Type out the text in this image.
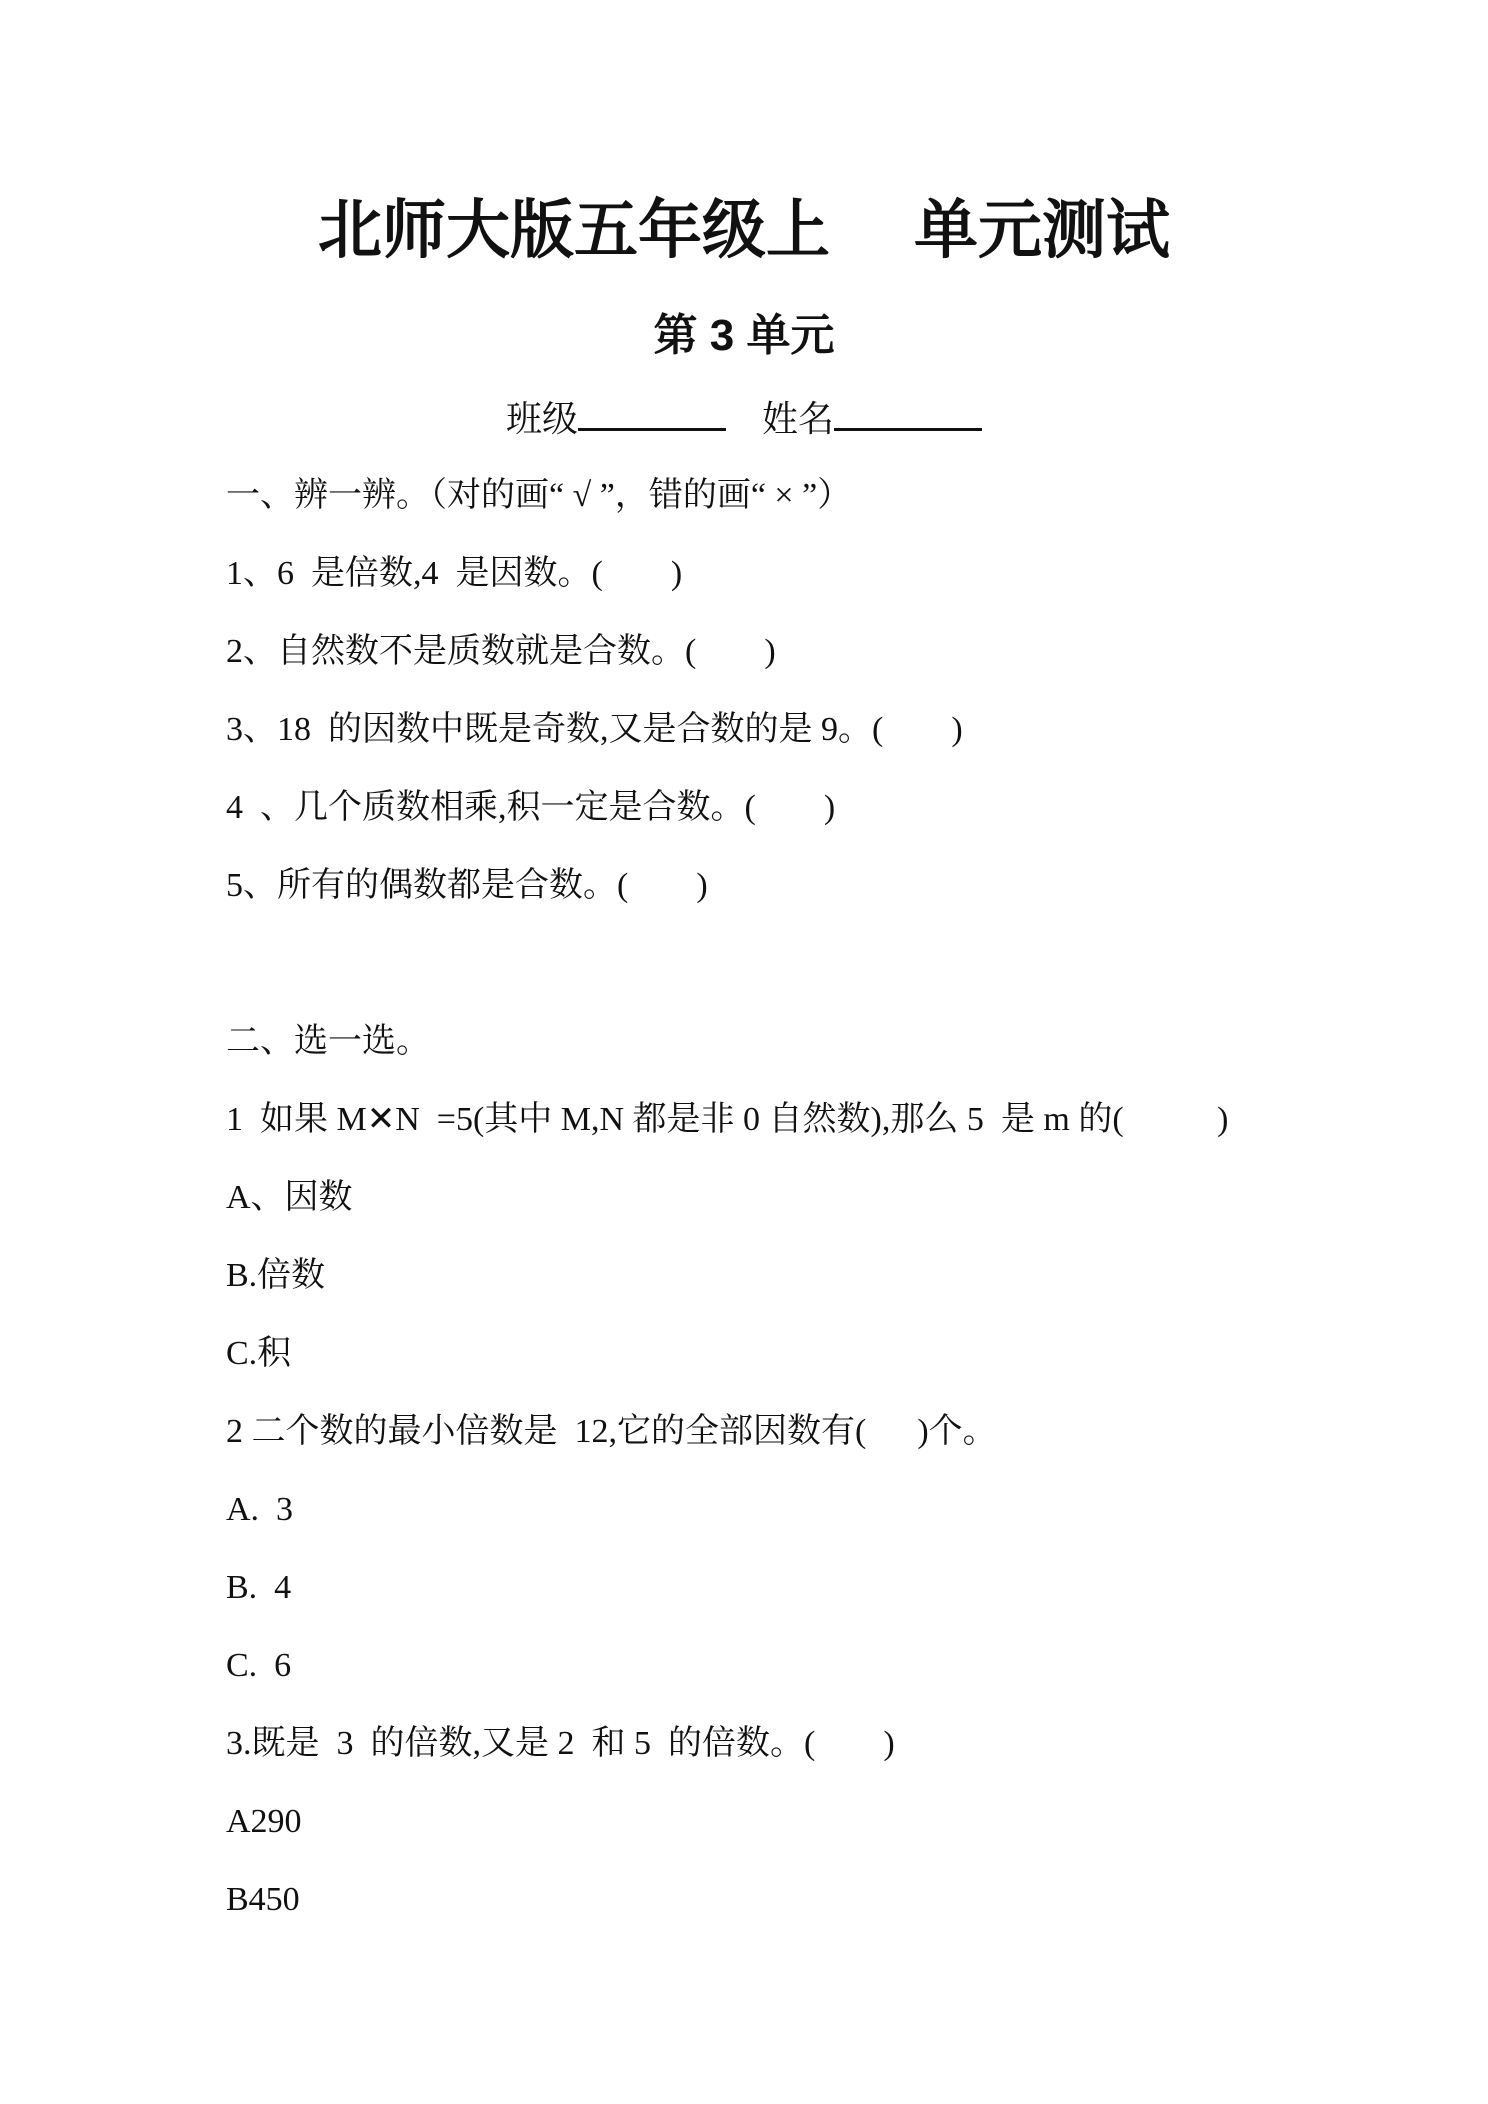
北师大版五年级上 单元测试
第 3 单元
班级	姓名
一、辨一辨。（对的画“ √ ”，错的画“ × ”）
1、6  是倍数,4  是因数。(        )
2、自然数不是质数就是合数。(        )
3、18  的因数中既是奇数,又是合数的是 9。(        )
4  、几个质数相乘,积一定是合数。(        )
5、所有的偶数都是合数。(        )
二、选一选。
1  如果 M✕N  =5(其中 M,N 都是非 0 自然数),那么 5  是 m 的(           )
A、因数
B.倍数
C.积
2 二个数的最小倍数是  12,它的全部因数有(      )个。
A.  3
B.  4
C.  6
3.既是  3  的倍数,又是 2  和 5  的倍数。(        )
A290
B450
